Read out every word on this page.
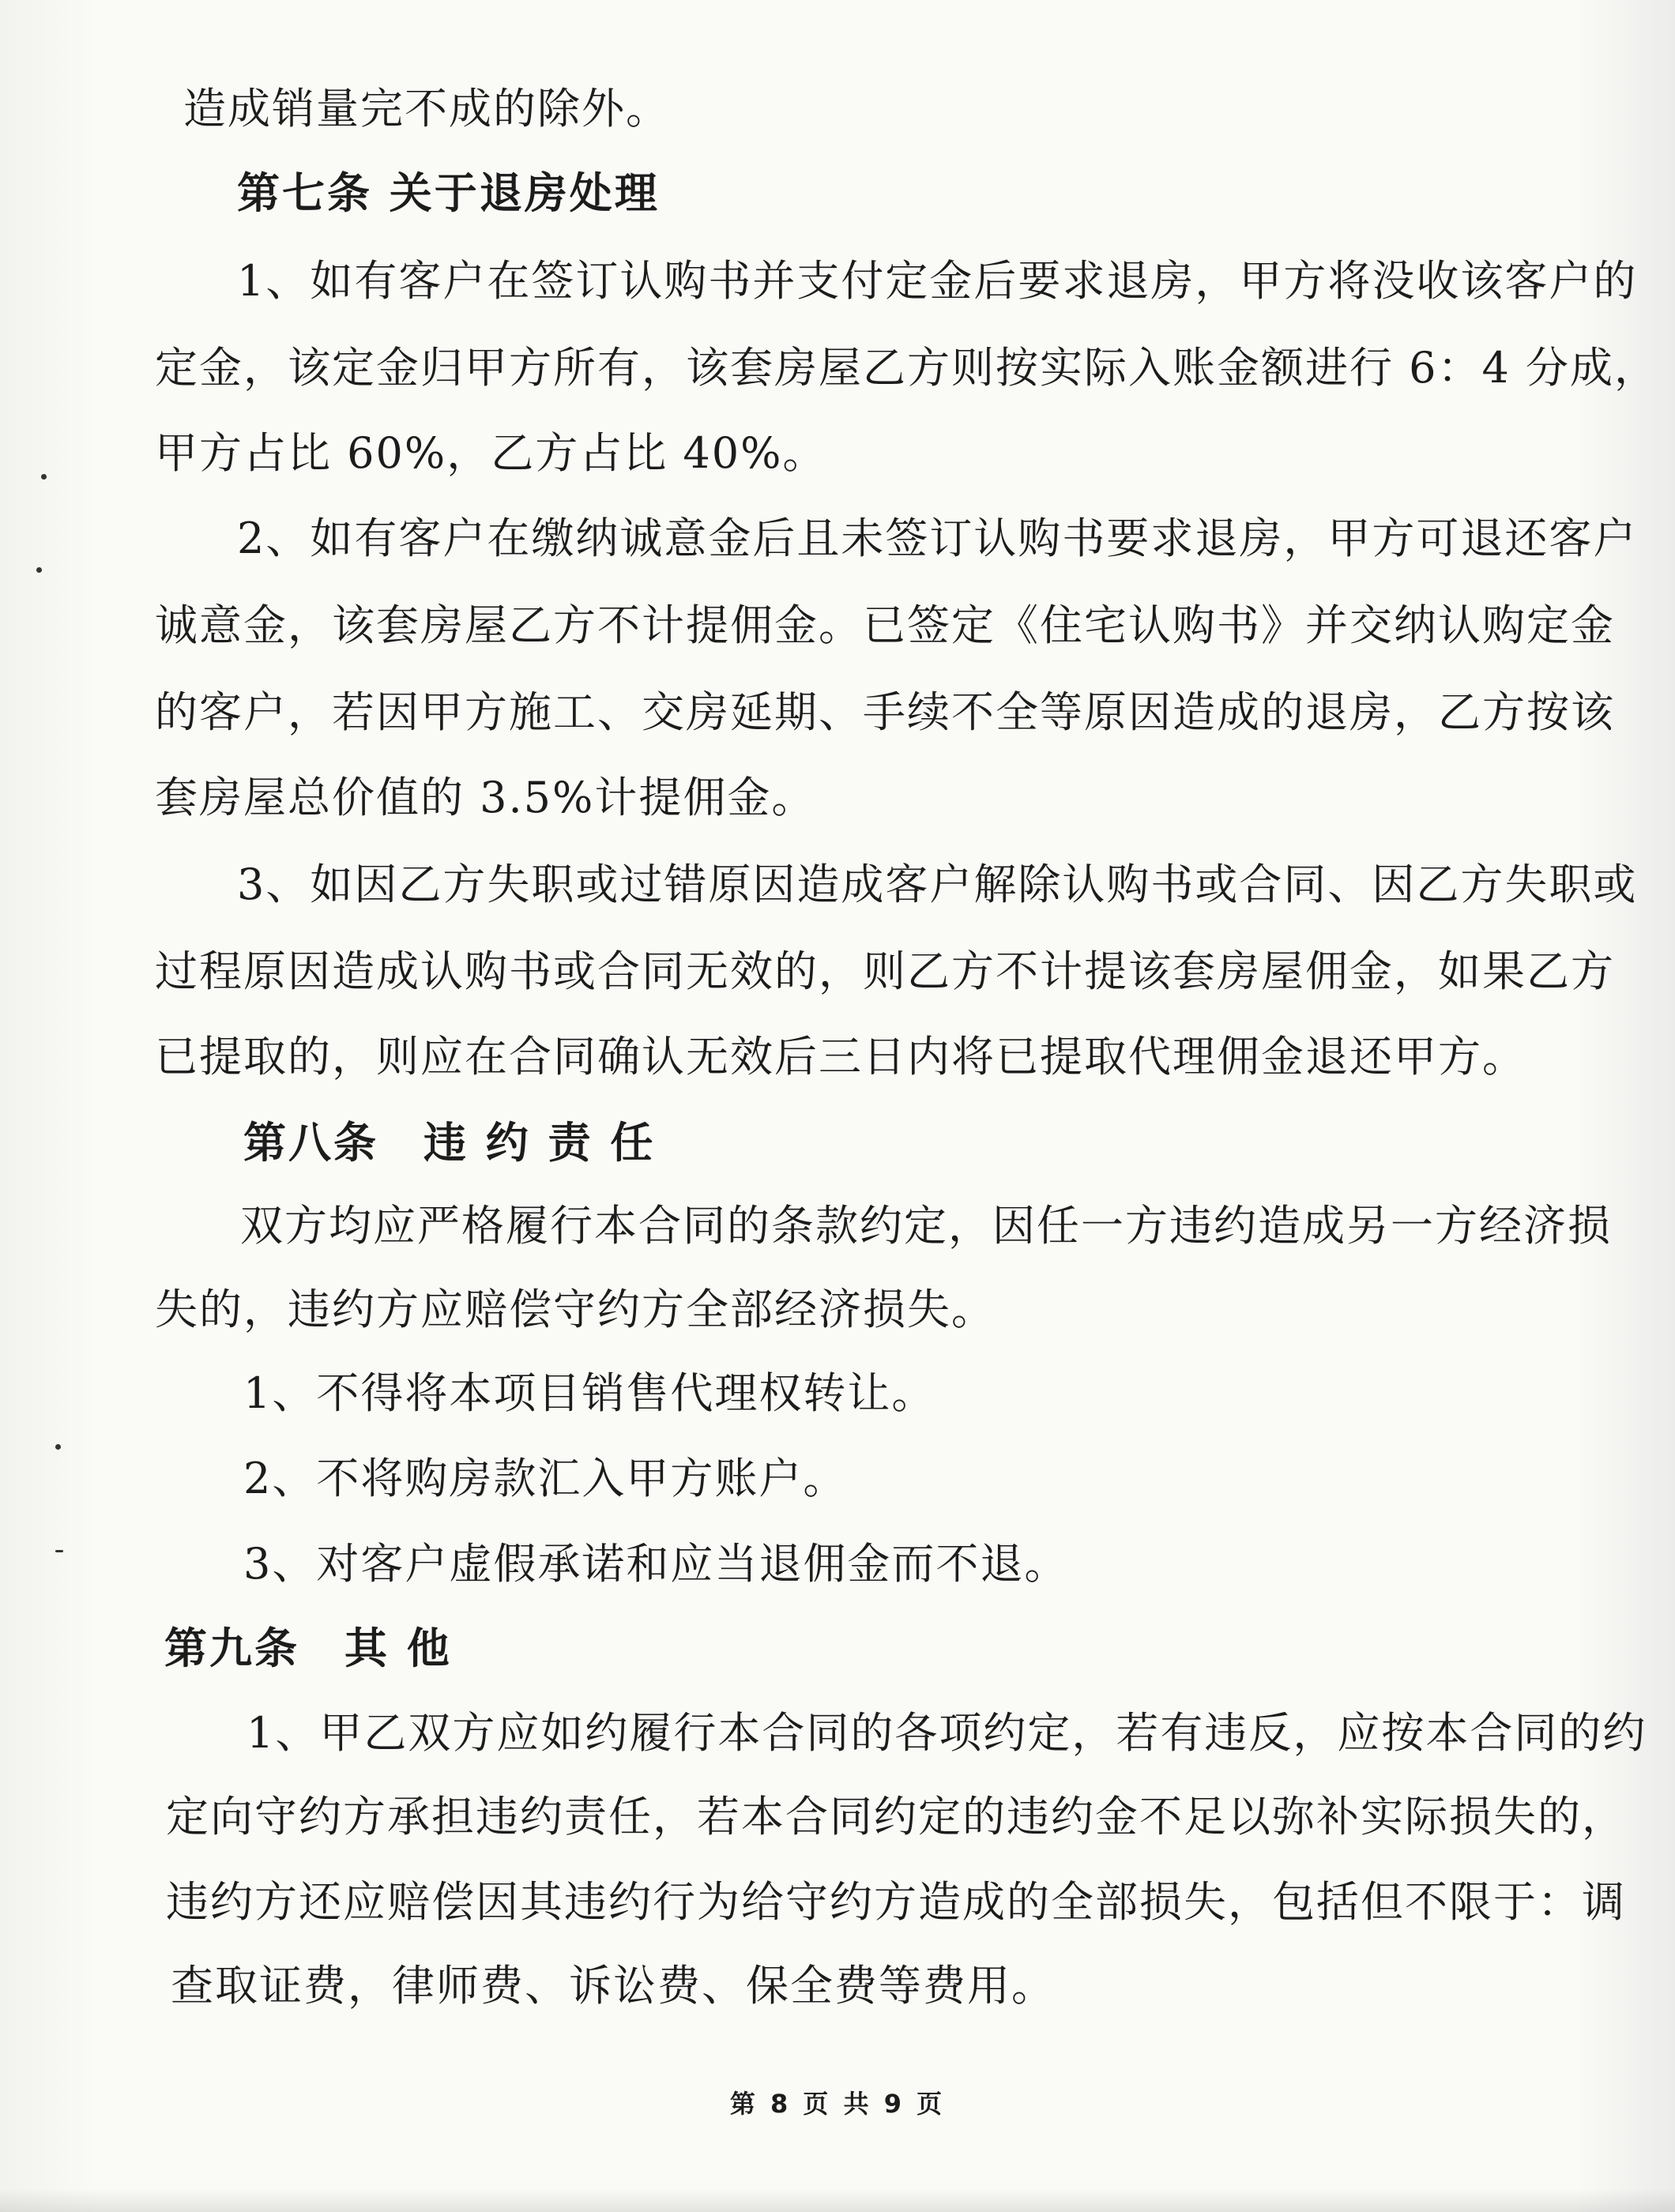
造成销量完不成的除外。

第七条 关于退房处理

1、如有客户在签订认购书并支付定金后要求退房，甲方将没收该客户的

定金，该定金归甲方所有，该套房屋乙方则按实际入账金额进行 6：4 分成，

甲方占比 60%，乙方占比 40%。

2、如有客户在缴纳诚意金后且未签订认购书要求退房，甲方可退还客户

诚意金，该套房屋乙方不计提佣金。已签定《住宅认购书》并交纳认购定金

的客户，若因甲方施工、交房延期、手续不全等原因造成的退房，乙方按该

套房屋总价值的 3.5%计提佣金。

3、如因乙方失职或过错原因造成客户解除认购书或合同、因乙方失职或

过程原因造成认购书或合同无效的，则乙方不计提该套房屋佣金，如果乙方

已提取的，则应在合同确认无效后三日内将已提取代理佣金退还甲方。

第八条　违 约 责 任

双方均应严格履行本合同的条款约定，因任一方违约造成另一方经济损

失的，违约方应赔偿守约方全部经济损失。

1、不得将本项目销售代理权转让。

2、不将购房款汇入甲方账户。

3、对客户虚假承诺和应当退佣金而不退。

第九条　其 他

1、甲乙双方应如约履行本合同的各项约定，若有违反，应按本合同的约

定向守约方承担违约责任，若本合同约定的违约金不足以弥补实际损失的，

违约方还应赔偿因其违约行为给守约方造成的全部损失，包括但不限于：调

查取证费，律师费、诉讼费、保全费等费用。

第 8 页 共 9 页
